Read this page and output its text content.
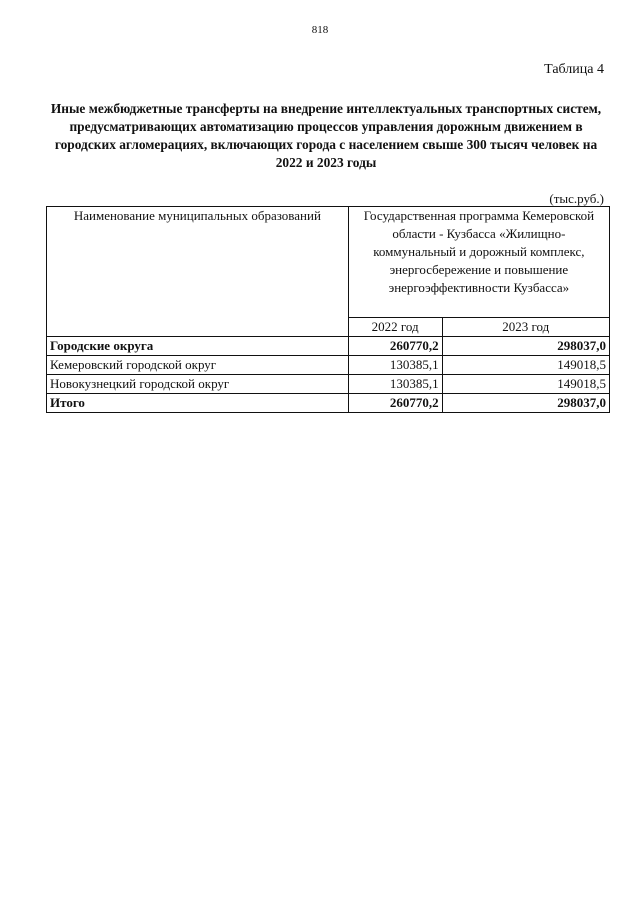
818
Таблица 4
Иные межбюджетные трансферты на внедрение интеллектуальных транспортных систем, предусматривающих автоматизацию процессов управления дорожным движением в городских агломерациях, включающих города с населением свыше 300 тысяч человек на 2022 и 2023 годы
(тыс.руб.)
Наименование муниципальных образований	Государственная программа Кемеровской области - Кузбасса «Жилищно-коммунальный и дорожный комплекс, энергосбережение и повышение энергоэффективности Кузбасса»	
	2022 год	2023 год
Городские округа	260770,2	298037,0
Кемеровский городской округ	130385,1	149018,5
Новокузнецкий городской округ	130385,1	149018,5
Итого	260770,2	298037,0
